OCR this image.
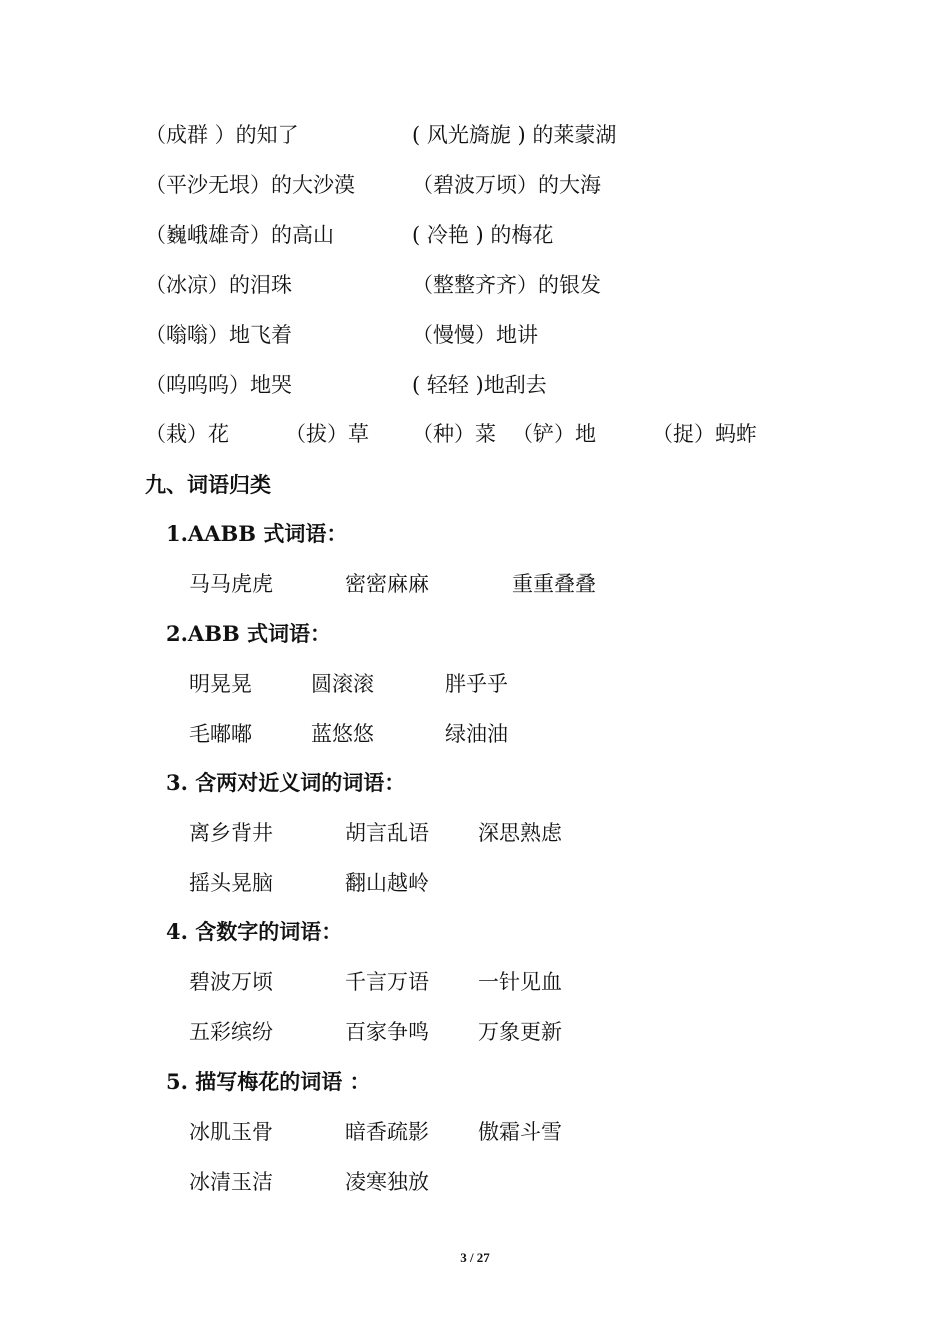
（成群 ）的知了	( 风光旖旎 ) 的莱蒙湖
（平沙无垠）的大沙漠	（碧波万顷）的大海
（巍峨雄奇）的高山	( 冷艳 ) 的梅花
（冰凉）的泪珠	（整整齐齐）的银发
（嗡嗡）地飞着	（慢慢）地讲
（呜呜呜）地哭	( 轻轻 )地刮去
（栽）花	（拔）草 （种）菜 （铲）地	（捉）蚂蚱
九、词语归类
1.AABB 式词语：
马马虎虎	密密麻麻	重重叠叠
2.ABB 式词语：
明晃晃	圆滚滚	胖乎乎
毛嘟嘟	蓝悠悠	绿油油
3. 含两对近义词的词语：
离乡背井	胡言乱语 深思熟虑
摇头晃脑	翻山越岭
4. 含数字的词语：
碧波万顷	千言万语 一针见血
五彩缤纷	百家争鸣 万象更新
5. 描写梅花的词语 ：
冰肌玉骨	暗香疏影 傲霜斗雪
冰清玉洁	凌寒独放
3 / 27
